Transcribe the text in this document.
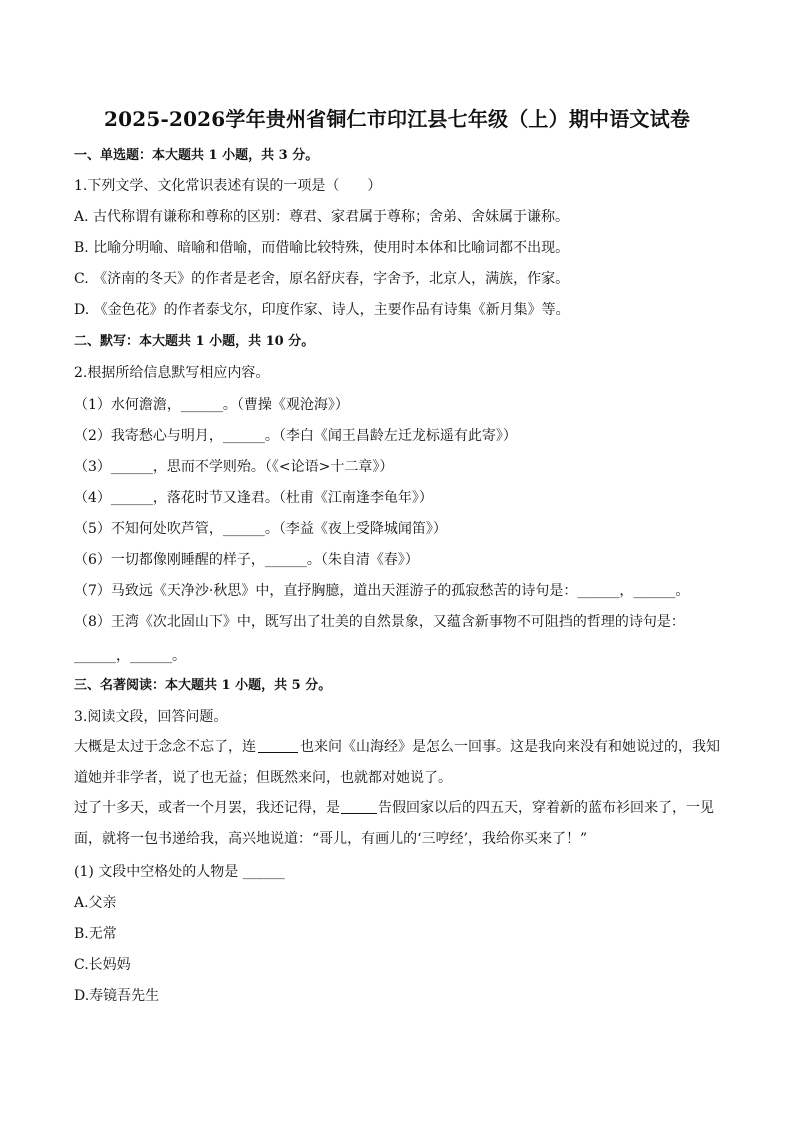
2025-2026学年贵州省铜仁市印江县七年级（上）期中语文试卷
一、单选题：本大题共 1 小题，共 3 分。
1.下列文学、文化常识表述有误的一项是（　　）
A. 古代称谓有谦称和尊称的区别：尊君、家君属于尊称；舍弟、舍妹属于谦称。
B. 比喻分明喻、暗喻和借喻，而借喻比较特殊，使用时本体和比喻词都不出现。
C. 《济南的冬天》的作者是老舍，原名舒庆春，字舍予，北京人，满族，作家。
D. 《金色花》的作者泰戈尔，印度作家、诗人，主要作品有诗集《新月集》等。
二、默写：本大题共 1 小题，共 10 分。
2.根据所给信息默写相应内容。
（1）水何澹澹，______。（曹操《观沧海》）
（2）我寄愁心与明月，______。（李白《闻王昌龄左迁龙标遥有此寄》）
（3）______，思而不学则殆。（《<论语>十二章》）
（4）______，落花时节又逢君。（杜甫《江南逢李龟年》）
（5）不知何处吹芦管，______。（李益《夜上受降城闻笛》）
（6）一切都像刚睡醒的样子，______。（朱自清《春》）
（7）马致远《天净沙·秋思》中，直抒胸臆，道出天涯游子的孤寂愁苦的诗句是：______，______。
（8）王湾《次北固山下》中，既写出了壮美的自然景象，又蕴含新事物不可阻挡的哲理的诗句是：
______，______。
三、名著阅读：本大题共 1 小题，共 5 分。
3.阅读文段，回答问题。
大概是太过于念念不忘了，连	也来问《山海经》是怎么一回事。这是我向来没有和她说过的，我知道她并非学者，说了也无益；但既然来问，也就都对她说了。
过了十多天，或者一个月罢，我还记得，是	告假回家以后的四五天，穿着新的蓝布衫回来了，一见面，就将一包书递给我，高兴地说道：“哥儿，有画儿的‘三哼经’，我给你买来了！”
(1) 文段中空格处的人物是 ______
A.父亲
B.无常
C.长妈妈
D.寿镜吾先生
